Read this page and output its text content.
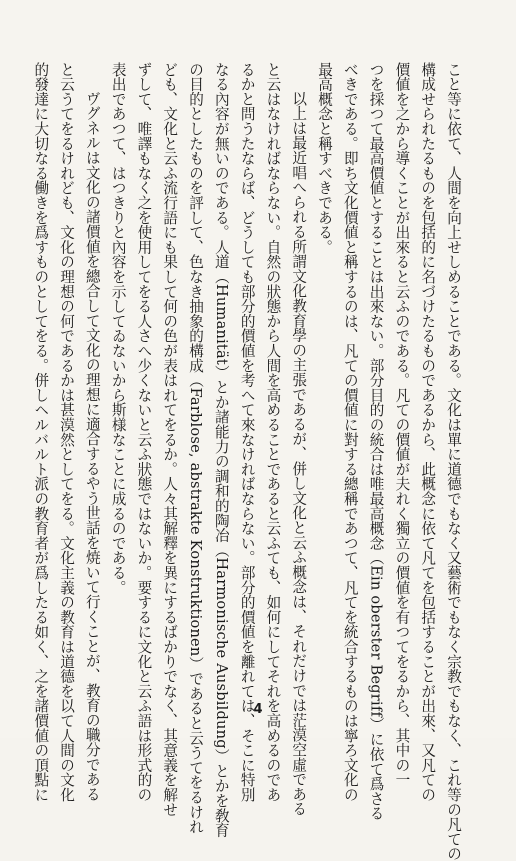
こと等に依て、人間を向上せしめることである。文化は單に道德でもなく又藝術でもなく宗教でもなく、これ等の凡ての
構成せられたるものを包括的に名づけたるものであるから、此概念に依て凡てを包括することが出來、又凡ての
價値を之から導くことが出來ると云ふのである。凡ての價値が夫れく獨立の價値を有つてをるから、其中の一
つを採つて最高價値とすることは出來ない。部分目的の統合は唯最高概念（Ein oberster Begriff）に依て爲さる
べきである。即ち文化價値と稱するのは、凡ての價値に對する總稱であつて、凡てを統合するものは寧ろ文化の
最高概念と稱すべきである。
以上は最近唱へられる所謂文化教育學の主張であるが、併し文化と云ふ概念は、それだけでは茫漠空虛である
と云はなければならない。自然の狀態から人間を高めることであると云ふても、如何にしてそれを高めるのであ
るかと問うたならば、どうしても部分的價値を考へて來なければならない。部分的價値を離れては、そこに特別
なる內容が無いのである。人道（Humanität）とか諸能力の調和的陶冶（Harmonische Ausbildung）とかを敎育
の目的としたものを評して、色なき抽象的構成（Farblose, abstrakte Konstruktionen）であると云うてをるけれ
ども、文化と云ふ流行語にも果して何の色が表はれてをるか。人々其解釋を異にするばかりでなく、其意義を解せ
ずして、唯譯もなく之を使用してをる人さへ少くないと云ふ狀態ではないか。要するに文化と云ふ語は形式的の
表出であつて、はつきりと內容を示してゐないから斯様なことに成るのである。
ヴグネルは文化の諸價値を總合して文化の理想に適合するやう世話を焼いて行くことが、教育の職分である
と云うてをるけれども、文化の理想の何であるかは甚漠然としてをる。文化主義の教育は道德を以て人間の文化
的發達に大切なる働きを爲すものとしてをる。併しヘルバルト派の教育者が爲したる如く、之を諸價値の頂點に	4
